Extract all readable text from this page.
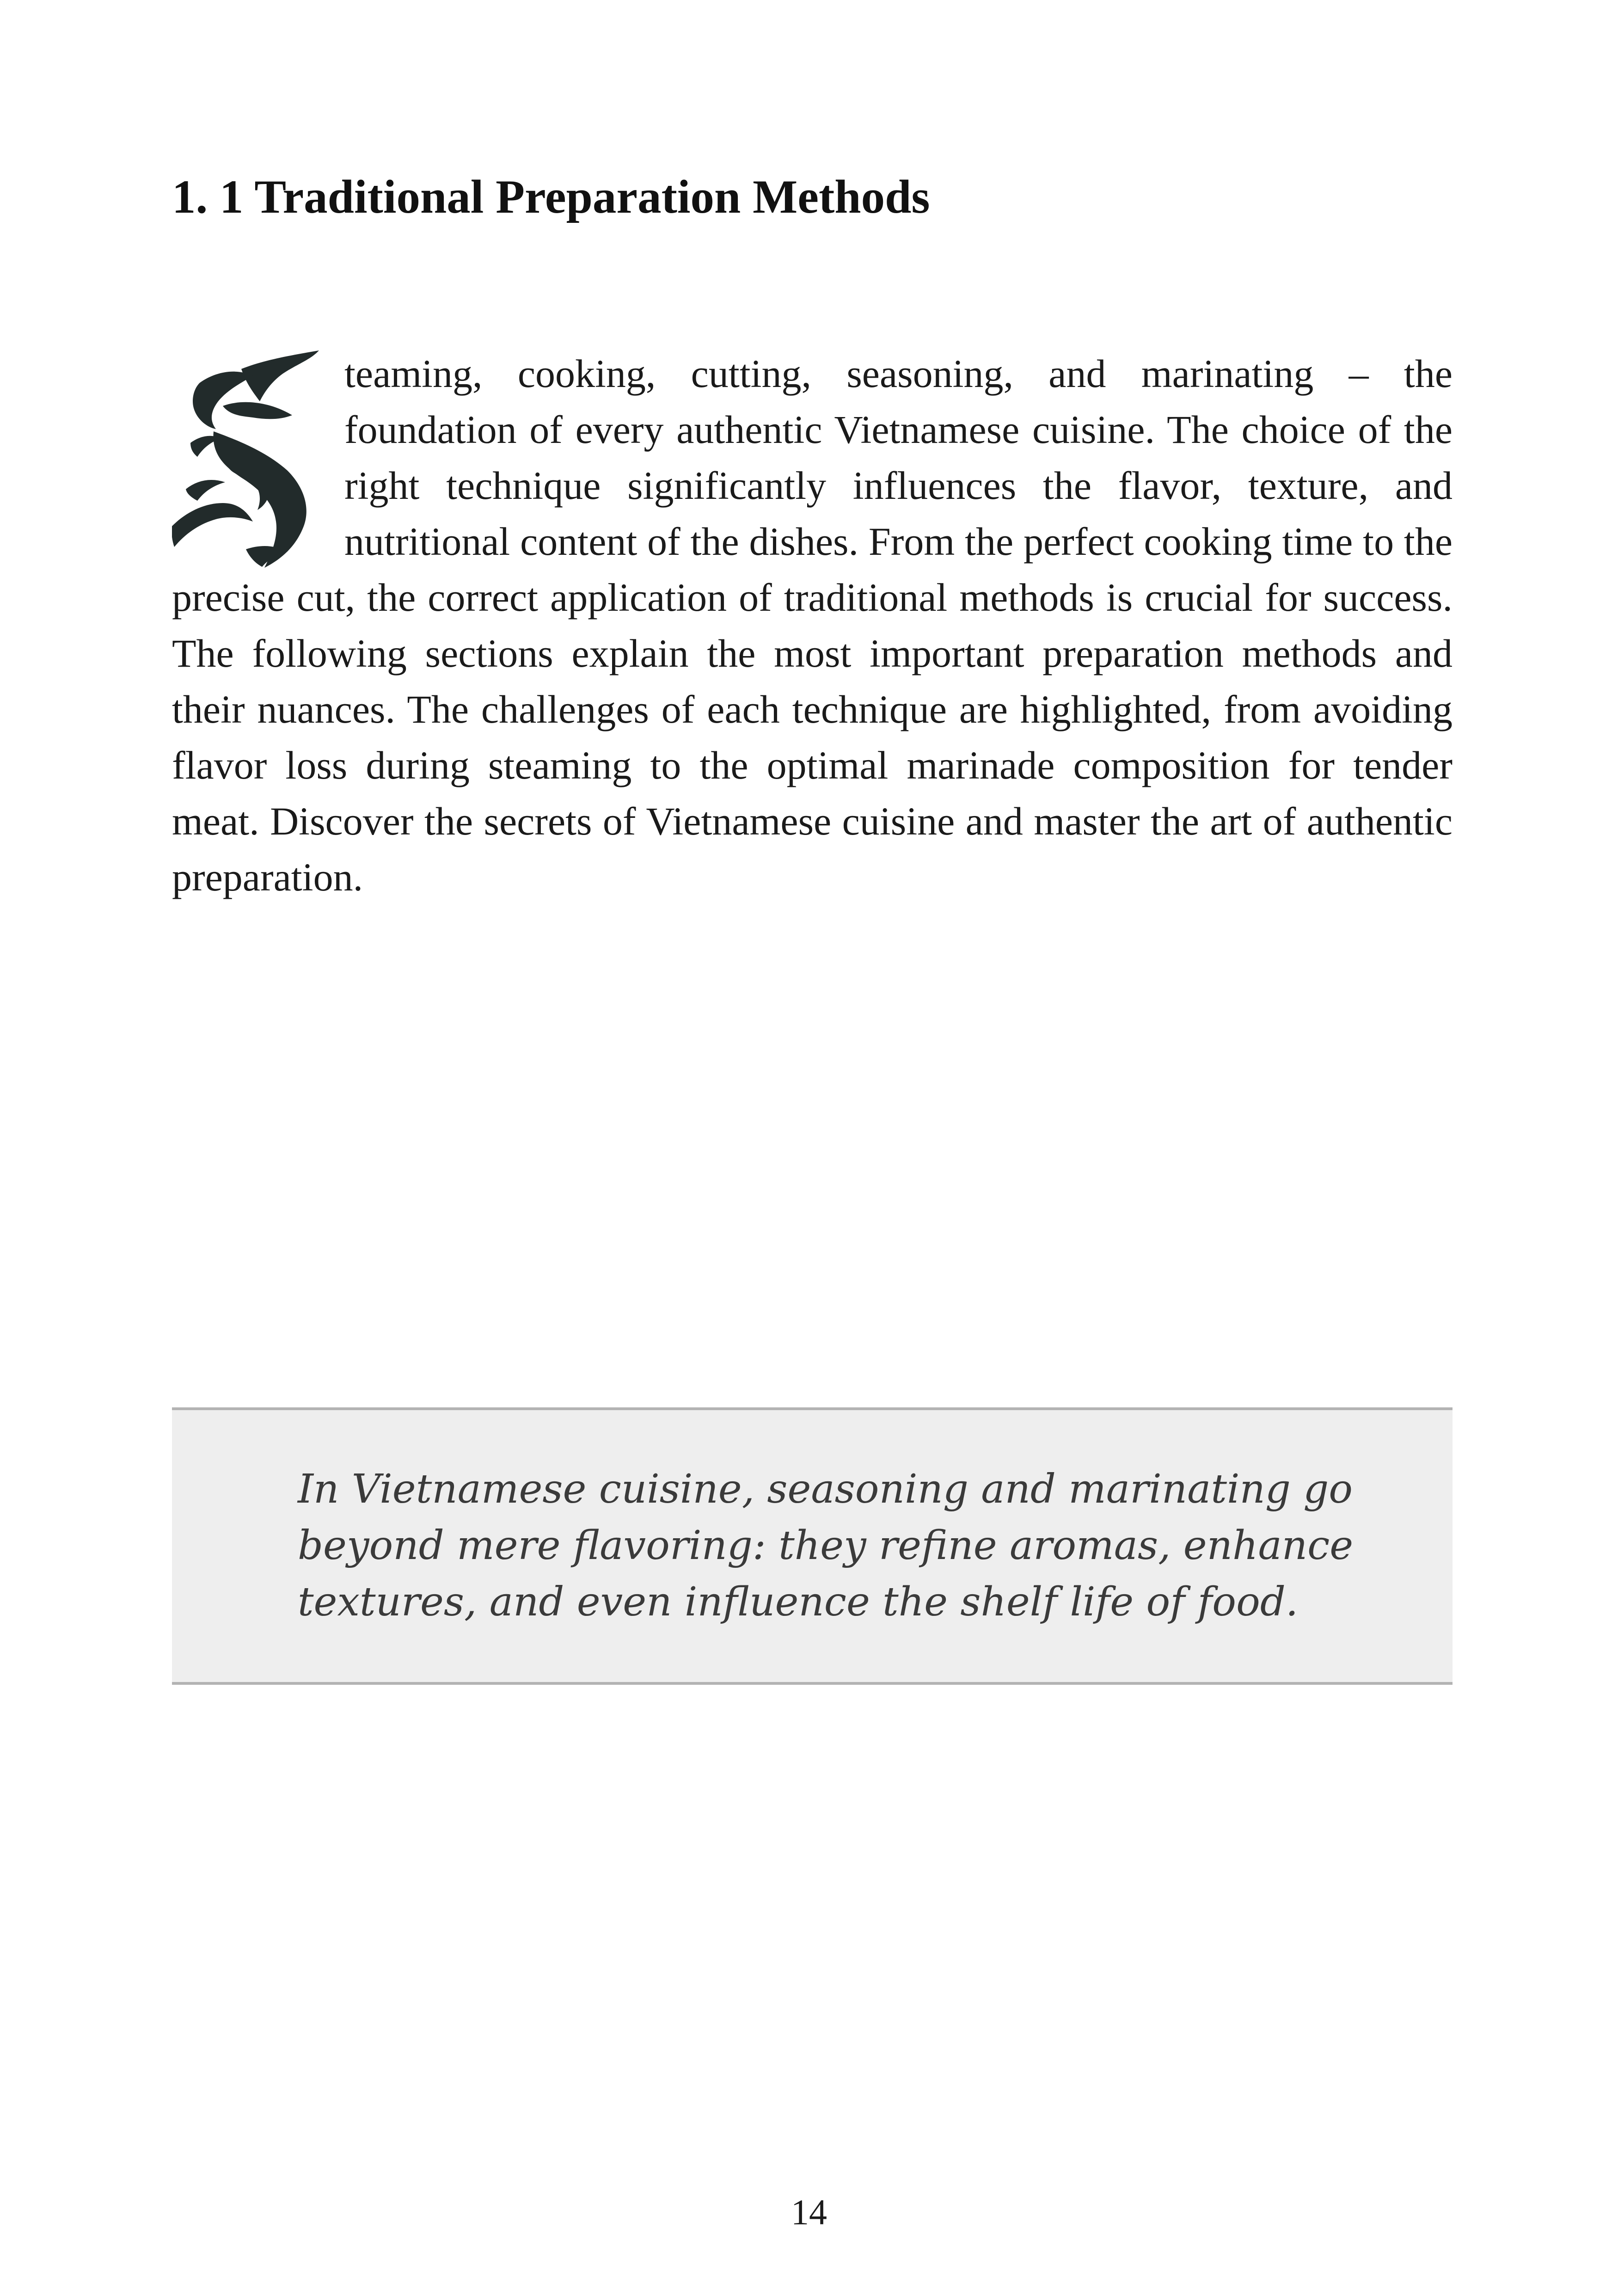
1. 1 Traditional Preparation Methods

teaming, cooking, cutting, seasoning, and marinating – the foundation of every authentic Vietnamese cuisine. The choice of the right technique significantly influences the flavor, texture, and nutritional content of the dishes. From the perfect cooking time to the precise cut, the correct application of traditional methods is crucial for success. The following sections explain the most important preparation methods and their nuances. The challenges of each technique are highlighted, from avoiding flavor loss during steaming to the optimal marinade composition for tender meat. Discover the secrets of Vietnamese cuisine and master the art of authentic preparation.

In Vietnamese cuisine, seasoning and marinating go beyond mere flavoring: they refine aromas, enhance textures, and even influence the shelf life of food.

14
